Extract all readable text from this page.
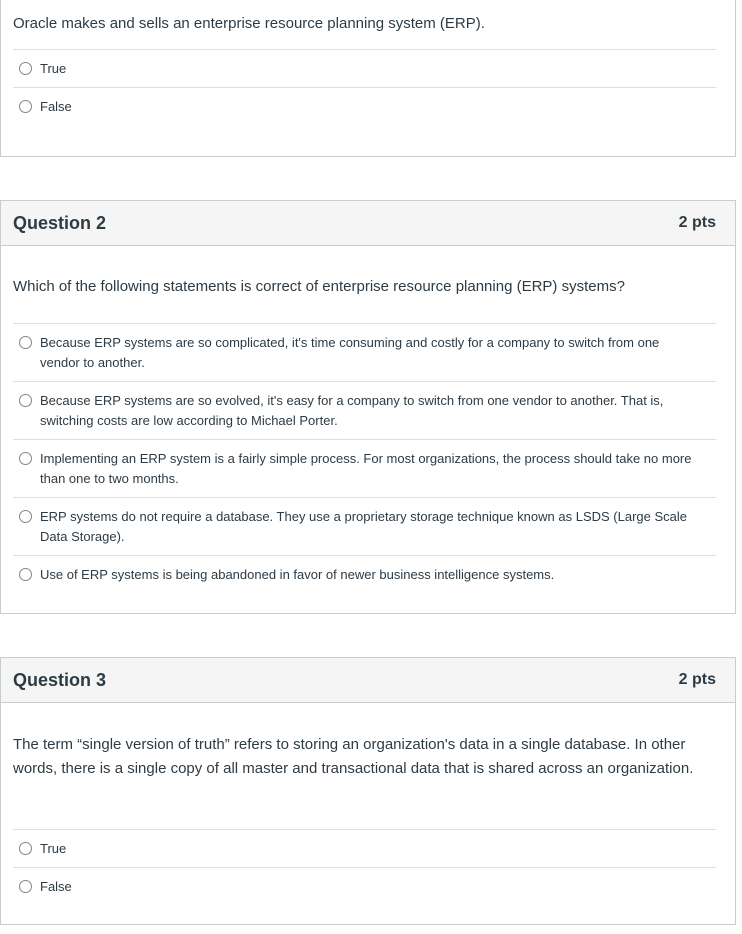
Oracle makes and sells an enterprise resource planning system (ERP).
True
False
Question 2	2 pts
Which of the following statements is correct of enterprise resource planning (ERP) systems?
Because ERP systems are so complicated, it's time consuming and costly for a company to switch from one vendor to another.
Because ERP systems are so evolved, it's easy for a company to switch from one vendor to another. That is, switching costs are low according to Michael Porter.
Implementing an ERP system is a fairly simple process. For most organizations, the process should take no more than one to two months.
ERP systems do not require a database. They use a proprietary storage technique known as LSDS (Large Scale Data Storage).
Use of ERP systems is being abandoned in favor of newer business intelligence systems.
Question 3	2 pts
The term “single version of truth” refers to storing an organization's data in a single database. In other words, there is a single copy of all master and transactional data that is shared across an organization.
True
False
